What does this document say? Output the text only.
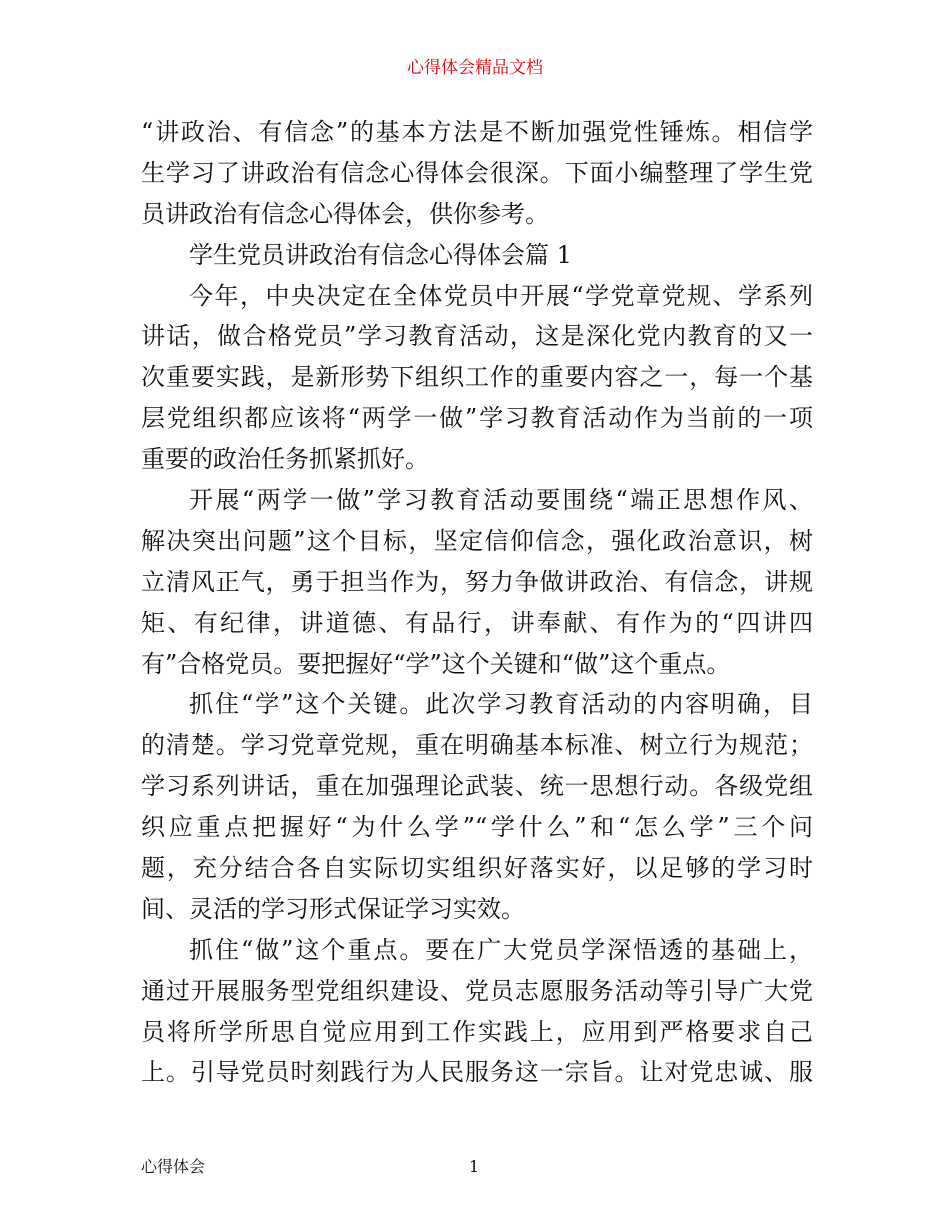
心得体会精品文档
“讲政治、有信念”的基本方法是不断加强党性锤炼。相信学
生学习了讲政治有信念心得体会很深。下面小编整理了学生党
员讲政治有信念心得体会，供你参考。
学生党员讲政治有信念心得体会篇 1
今年，中央决定在全体党员中开展“学党章党规、学系列
讲话，做合格党员”学习教育活动，这是深化党内教育的又一
次重要实践，是新形势下组织工作的重要内容之一，每一个基
层党组织都应该将“两学一做”学习教育活动作为当前的一项
重要的政治任务抓紧抓好。
开展“两学一做”学习教育活动要围绕“端正思想作风、
解决突出问题”这个目标，坚定信仰信念，强化政治意识，树
立清风正气，勇于担当作为，努力争做讲政治、有信念，讲规
矩、有纪律，讲道德、有品行，讲奉献、有作为的“四讲四
有”合格党员。要把握好“学”这个关键和“做”这个重点。
抓住“学”这个关键。此次学习教育活动的内容明确，目
的清楚。学习党章党规，重在明确基本标准、树立行为规范；
学习系列讲话，重在加强理论武装、统一思想行动。各级党组
织应重点把握好“为什么学”“学什么”和“怎么学”三个问
题，充分结合各自实际切实组织好落实好，以足够的学习时
间、灵活的学习形式保证学习实效。
抓住“做”这个重点。要在广大党员学深悟透的基础上，
通过开展服务型党组织建设、党员志愿服务活动等引导广大党
员将所学所思自觉应用到工作实践上，应用到严格要求自己
上。引导党员时刻践行为人民服务这一宗旨。让对党忠诚、服
心得体会	1
